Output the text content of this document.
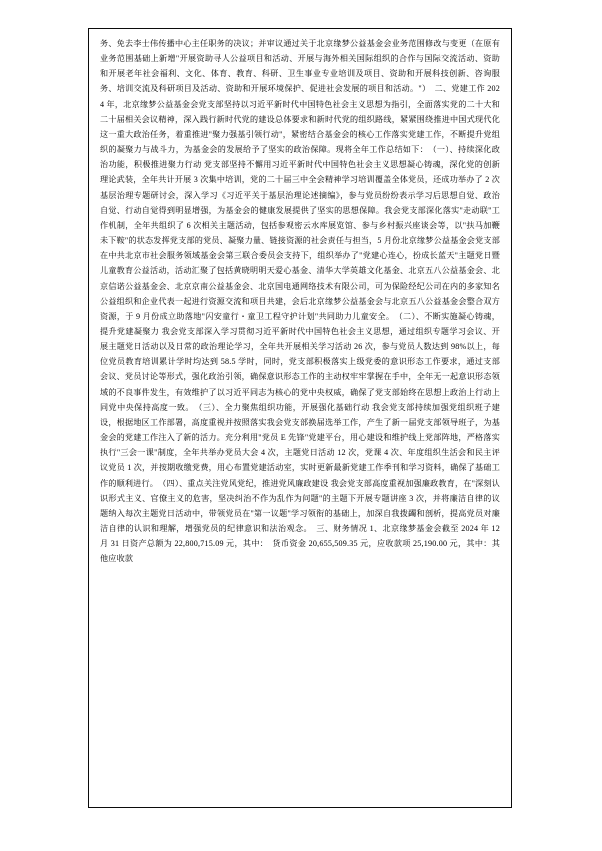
务、免去李士伟传播中心主任职务的决议；并审议通过关于北京缘梦公益基金会业务范围修改与变更（在原有业务范围基础上新增"开展资助寻人公益项目和活动、开展与海外相关国际组织的合作与国际交流活动、资助和开展老年社会福利、文化、体育、教育、科研、卫生事业专业培训及项目、资助和开展科技创新、咨询服务、培训交流及科研项目及活动、资助和开展环境保护、促进社会发展的项目和活动。"）　二、党建工作 2024 年，北京缘梦公益基金会党支部坚持以习近平新时代中国特色社会主义思想为指引，全面落实党的二十大和二十届相关会议精神，深入践行新时代党的建设总体要求和新时代党的组织路线，紧紧围绕推进中国式现代化这一重大政治任务，着重推进"聚力强基引领行动"，紧密结合基金会的核心工作落实党建工作，不断提升党组织的凝聚力与战斗力，为基金会的发展给予了坚实的政治保障。现将全年工作总结如下：　（一）、持续深化政治功能，积极推进聚力行动 党支部坚持不懈用习近平新时代中国特色社会主义思想凝心铸魂，深化党的创新理论武装，全年共计开展 3 次集中培训，党的二十届三中全会精神学习培训覆盖全体党员，还成功举办了 2 次基层治理专题研讨会，深入学习《习近平关于基层治理论述摘编》，参与党员纷纷表示学习后思想自觉、政治自觉、行动自觉得到明显增强，为基金会的健康发展提供了坚实的思想保障。我会党支部深化落实"走动联"工作机制，全年共组织了 6 次相关主题活动，包括参观密云水库展览馆、参与乡村振兴座谈会等，以"扶马加鞭未下鞍"的状态发挥党支部的党员、凝聚力量、链接资源的社会责任与担当，5 月份北京缘梦公益基金会党支部在中共北京市社会服务领域基金会第三联合委员会支持下，组织举办了"党建心连心，扮成长蓝天"主题党日暨儿童教育公益活动，活动汇聚了包括黄晓明明天爱心基金、清华大学英雄文化基金、北京五八公益基金会、北京信诺公益基金会、北京京南公益基金会、北京国电通网络技术有限公司，可为保险经纪公司在内的多家知名公益组织和企业代表一起进行资源交流和项目共建，会后北京缘梦公益基金会与北京五八公益基金会整合双方资源，于 9 月份成立助落地"闪安童行・童卫工程守护计划"共同助力儿童安全。　（二）、不断实施凝心铸魂，提升党建凝聚力 我会党支部深入学习贯彻习近平新时代中国特色社会主义思想，通过组织专题学习会议、开展主题党日活动以及日常的政治理论学习，全年共开展相关学习活动 26 次，参与党员人数达到 98%以上，每位党员教育培训累计学时均达到 58.5 学时，同时，党支部积极落实上级党委的意识形态工作要求，通过支部会议、党员讨论等形式，强化政治引领，确保意识形态工作的主动权牢牢掌握在手中，全年无一起意识形态领域的不良事件发生，有效维护了以习近平同志为核心的党中央权威，确保了党支部始终在思想上政治上行动上同党中央保持高度一致。　（三）、全力聚焦组织功能，开展强化基础行动 我会党支部持续加强党组织班子建设，根据地区工作部署，高度重视并按照落实我会党支部换届选举工作，产生了新一届党支部领导班子，为基金会的党建工作注入了新的活力。充分利用"党员 E 先锋"党建平台，用心建设和维护线上党部阵地，严格落实执行"三会一课"制度，全年共举办党员大会 4 次，主题党日活动 12 次，党课 4 次、年度组织生活会和民主评议党员 1 次，并按期收缴党费，用心布置党建活动室，实时更新最新党建工作季刊和学习资料，确保了基础工作的顺利进行。　（四）、重点关注党风党纪，推进党风廉政建设 我会党支部高度重视加强廉政教育，在"深刻认识形式主义、官僚主义的危害，坚决纠治不作为乱作为问题"的主题下开展专题讲座 3 次，并将廉洁自律的议题纳入每次主题党日活动中，带领党员在"第一议题"学习领衔的基础上，加深自我拨蠲和剖析，提高党员对廉洁自律的认识和理解，增强党员的纪律意识和法治观念。　三、财务情况 1、北京缘梦基金会截至 2024 年 12 月 31 日资产总额为 22,800,715.09 元，其中：　货币资金 20,655,509.35 元，应收款项 25,190.00 元，其中：其他应收款
